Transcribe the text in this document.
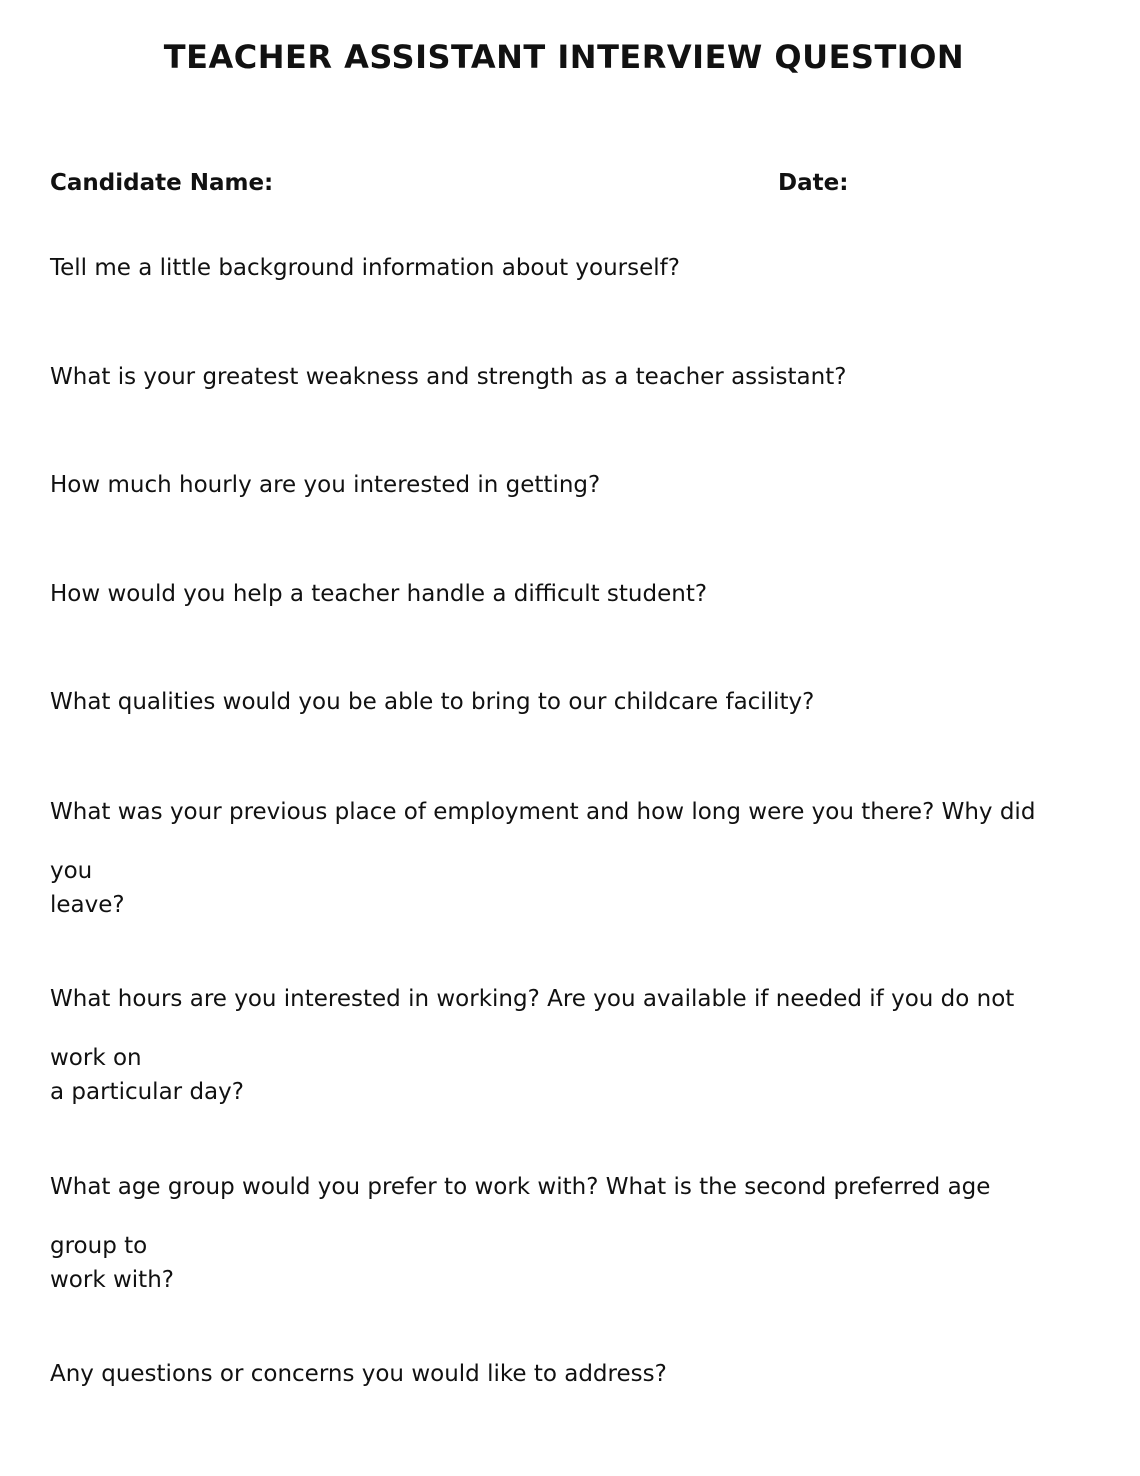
TEACHER ASSISTANT INTERVIEW QUESTION
Candidate Name:	Date:
Tell me a little background information about yourself?
What is your greatest weakness and strength as a teacher assistant?
How much hourly are you interested in getting?
How would you help a teacher handle a difficult student?
What qualities would you be able to bring to our childcare facility?
What was your previous place of employment and how long were you there? Why did
you
leave?
What hours are you interested in working? Are you available if needed if you do not
work on
a particular day?
What age group would you prefer to work with? What is the second preferred age
group to
work with?
Any questions or concerns you would like to address?
